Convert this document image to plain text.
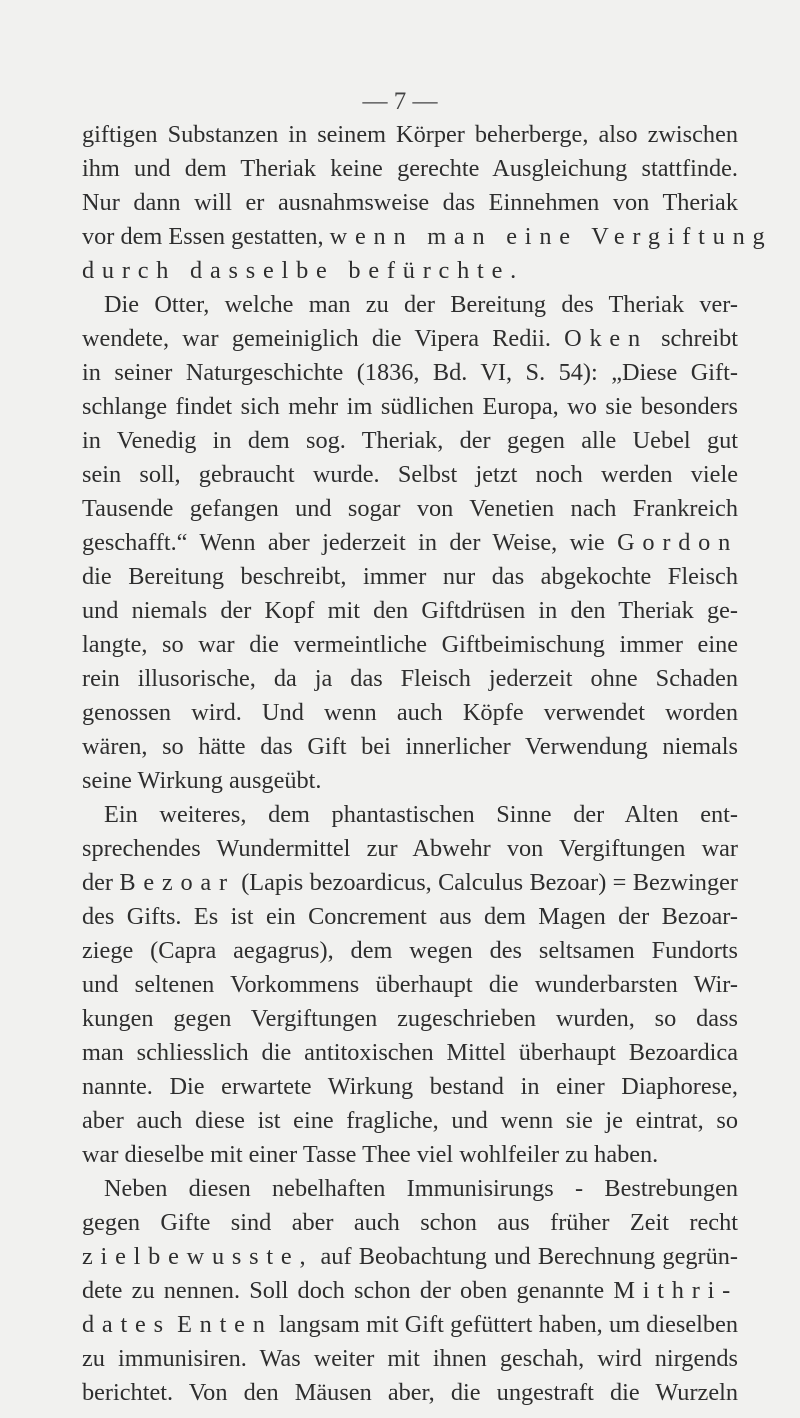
— 7 —
giftigen Substanzen in seinem Körper beherberge, also zwischen
ihm und dem Theriak keine gerechte Ausgleichung stattfinde.
Nur dann will er ausnahmsweise das Einnehmen von Theriak
vor dem Essen gestatten, wenn man eine Vergiftung
durch dasselbe befürchte.
Die Otter, welche man zu der Bereitung des Theriak ver-
wendete, war gemeiniglich die Vipera Redii. Oken schreibt
in seiner Naturgeschichte (1836, Bd. VI, S. 54): „Diese Gift-
schlange findet sich mehr im südlichen Europa, wo sie besonders
in Venedig in dem sog. Theriak, der gegen alle Uebel gut
sein soll, gebraucht wurde. Selbst jetzt noch werden viele
Tausende gefangen und sogar von Venetien nach Frankreich
geschafft.“ Wenn aber jederzeit in der Weise, wie Gordon
die Bereitung beschreibt, immer nur das abgekochte Fleisch
und niemals der Kopf mit den Giftdrüsen in den Theriak ge-
langte, so war die vermeintliche Giftbeimischung immer eine
rein illusorische, da ja das Fleisch jederzeit ohne Schaden
genossen wird. Und wenn auch Köpfe verwendet worden
wären, so hätte das Gift bei innerlicher Verwendung niemals
seine Wirkung ausgeübt.
Ein weiteres, dem phantastischen Sinne der Alten ent-
sprechendes Wundermittel zur Abwehr von Vergiftungen war
der Bezoar (Lapis bezoardicus, Calculus Bezoar) = Bezwinger
des Gifts. Es ist ein Concrement aus dem Magen der Bezoar-
ziege (Capra aegagrus), dem wegen des seltsamen Fundorts
und seltenen Vorkommens überhaupt die wunderbarsten Wir-
kungen gegen Vergiftungen zugeschrieben wurden, so dass
man schliesslich die antitoxischen Mittel überhaupt Bezoardica
nannte. Die erwartete Wirkung bestand in einer Diaphorese,
aber auch diese ist eine fragliche, und wenn sie je eintrat, so
war dieselbe mit einer Tasse Thee viel wohlfeiler zu haben.
Neben diesen nebelhaften Immunisirungs - Bestrebungen
gegen Gifte sind aber auch schon aus früher Zeit recht
zielbewusste, auf Beobachtung und Berechnung gegrün-
dete zu nennen. Soll doch schon der oben genannte Mithri-
dates Enten langsam mit Gift gefüttert haben, um dieselben
zu immunisiren. Was weiter mit ihnen geschah, wird nirgends
berichtet. Von den Mäusen aber, die ungestraft die Wurzeln
